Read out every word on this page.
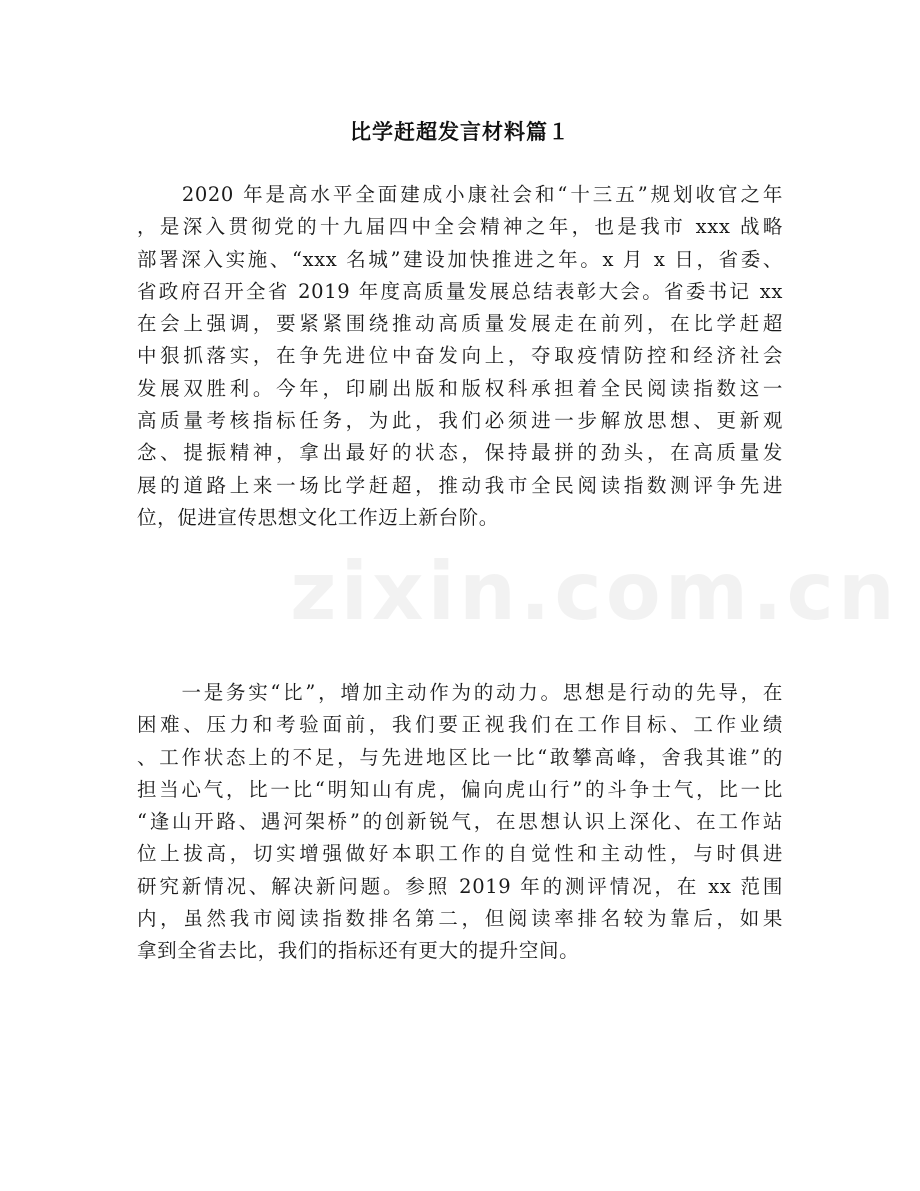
zixin.com.cn
比学赶超发言材料篇１

　　2020 年是高水平全面建成小康社会和“十三五”规划收官之年
，是深入贯彻党的十九届四中全会精神之年，也是我市 xxx 战略
部署深入实施、“xxx 名城”建设加快推进之年。x 月 x 日，省委、
省政府召开全省 2019 年度高质量发展总结表彰大会。省委书记 xx
在会上强调，要紧紧围绕推动高质量发展走在前列，在比学赶超
中狠抓落实，在争先进位中奋发向上，夺取疫情防控和经济社会
发展双胜利。今年，印刷出版和版权科承担着全民阅读指数这一
高质量考核指标任务，为此，我们必须进一步解放思想、更新观
念、提振精神，拿出最好的状态，保持最拼的劲头，在高质量发
展的道路上来一场比学赶超，推动我市全民阅读指数测评争先进
位，促进宣传思想文化工作迈上新台阶。

　　一是务实“比”，增加主动作为的动力。思想是行动的先导，在
困难、压力和考验面前，我们要正视我们在工作目标、工作业绩
、工作状态上的不足，与先进地区比一比“敢攀高峰，舍我其谁”的
担当心气，比一比“明知山有虎，偏向虎山行”的斗争士气，比一比
“逢山开路、遇河架桥”的创新锐气，在思想认识上深化、在工作站
位上拔高，切实增强做好本职工作的自觉性和主动性，与时俱进
研究新情况、解决新问题。参照 2019 年的测评情况，在 xx 范围
内，虽然我市阅读指数排名第二，但阅读率排名较为靠后，如果
拿到全省去比，我们的指标还有更大的提升空间。
